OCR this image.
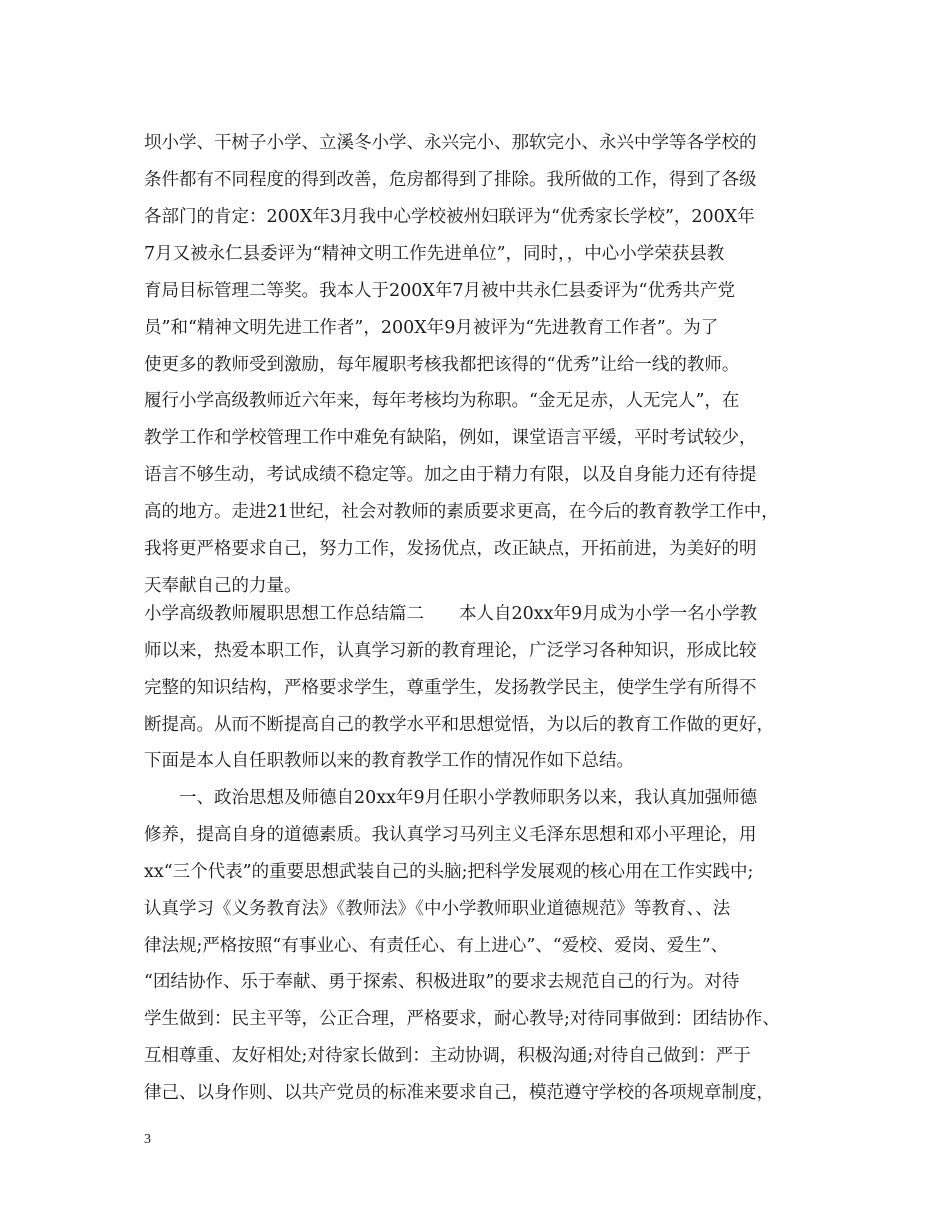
坝小学、干树子小学、立溪冬小学、永兴完小、那软完小、永兴中学等各学校的

条件都有不同程度的得到改善，危房都得到了排除。我所做的工作，得到了各级

各部门的肯定：200X年3月我中心学校被州妇联评为“优秀家长学校”，200X年

7月又被永仁县委评为“精神文明工作先进单位”，同时，，中心小学荣获县教

育局目标管理二等奖。我本人于200X年7月被中共永仁县委评为“优秀共产党

员”和“精神文明先进工作者”，200X年9月被评为“先进教育工作者”。为了

使更多的教师受到激励，每年履职考核我都把该得的“优秀”让给一线的教师。

履行小学高级教师近六年来，每年考核均为称职。“金无足赤，人无完人”，在

教学工作和学校管理工作中难免有缺陷，例如，课堂语言平缓，平时考试较少，

语言不够生动，考试成绩不稳定等。加之由于精力有限，以及自身能力还有待提

高的地方。走进21世纪，社会对教师的素质要求更高，在今后的教育教学工作中，

我将更严格要求自己，努力工作，发扬优点，改正缺点，开拓前进，为美好的明

天奉献自己的力量。

小学高级教师履职思想工作总结篇二　　本人自20xx年9月成为小学一名小学教

师以来，热爱本职工作，认真学习新的教育理论，广泛学习各种知识，形成比较

完整的知识结构，严格要求学生，尊重学生，发扬教学民主，使学生学有所得不

断提高。从而不断提高自己的教学水平和思想觉悟，为以后的教育工作做的更好，

下面是本人自任职教师以来的教育教学工作的情况作如下总结。

　　一、政治思想及师德自20xx年9月任职小学教师职务以来，我认真加强师德

修养，提高自身的道德素质。我认真学习马列主义毛泽东思想和邓小平理论，用

xx“三个代表”的重要思想武装自己的头脑;把科学发展观的核心用在工作实践中;

认真学习《义务教育法》《教师法》《中小学教师职业道德规范》等教育、、法

律法规;严格按照“有事业心、有责任心、有上进心”、“爱校、爱岗、爱生”、

“团结协作、乐于奉献、勇于探索、积极进取”的要求去规范自己的行为。对待

学生做到：民主平等，公正合理，严格要求，耐心教导;对待同事做到：团结协作、

互相尊重、友好相处;对待家长做到：主动协调，积极沟通;对待自己做到：严于

律己、以身作则、以共产党员的标准来要求自己，模范遵守学校的各项规章制度，

3
